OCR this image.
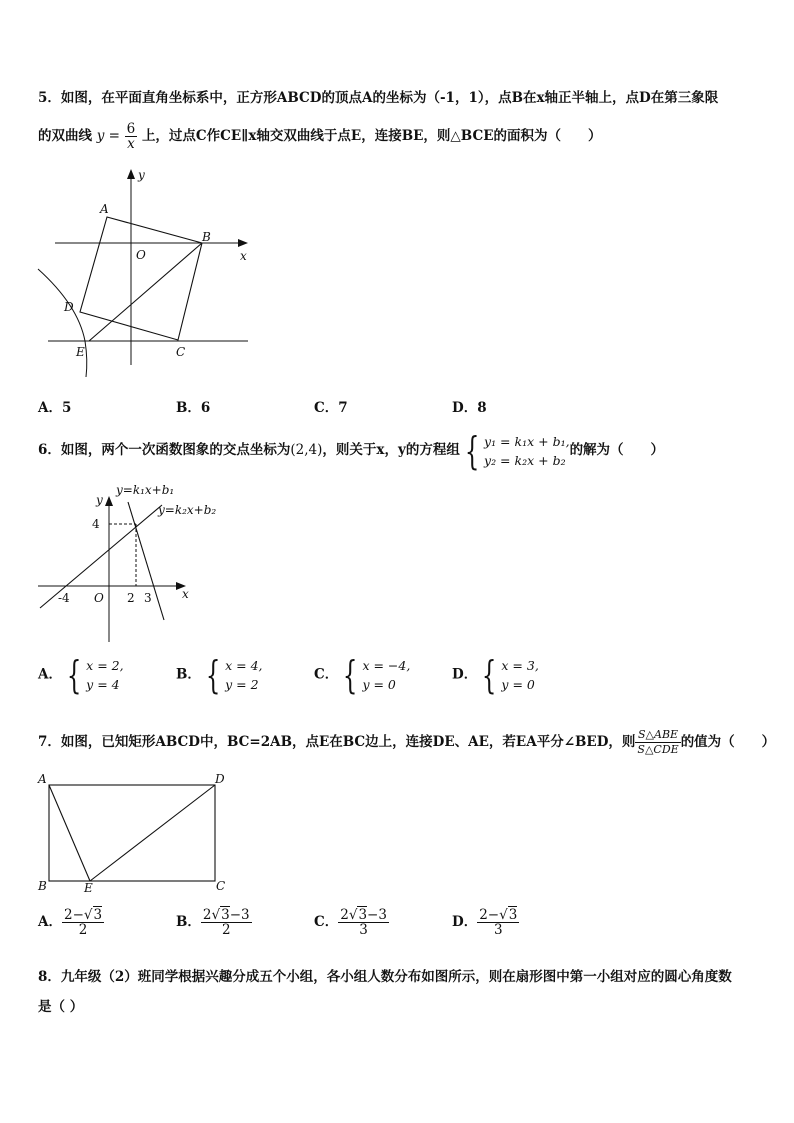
5．如图，在平面直角坐标系中，正方形ABCD的顶点A的坐标为（-1，1），点B在x轴正半轴上，点D在第三象限
的双曲线 $y = \frac{6}{x}$ 上，过点C作CE∥x轴交双曲线于点E，连接BE，则△BCE的面积为（　　）
y
x
A
O
B
D
E	C
A．5	B．6	C．7	D．8
6．如图，两个一次函数图象的交点坐标为(2,4)，则关于x，y的方程组 { y₁ = k₁x + b₁,
y₂ = k₂x + b₂
的解为（　　）
y=k₁x+b₁
y=k₂x+b₂
y
x
4
-4 O 2 3
A． { x = 2,
y = 4
B． { x = 4,
y = 2
C． { x = −4,
y = 0
D． { x = 3,
y = 0
7．如图，已知矩形ABCD中，BC=2AB，点E在BC边上，连接DE、AE，若EA平分∠BED，则 $\frac{\text{S△ABE}}{\text{S△CDE}}$ 的值为（　　）
A	D
B	E	C
A． $\frac{2-√3}{2}$	B． $\frac{2√3-3}{2}$	C． $\frac{2√3-3}{3}$	D． $\frac{2-√3}{3}$
8．九年级（2）班同学根据兴趣分成五个小组，各小组人数分布如图所示，则在扇形图中第一小组对应的圆心角度数
是（ ）
